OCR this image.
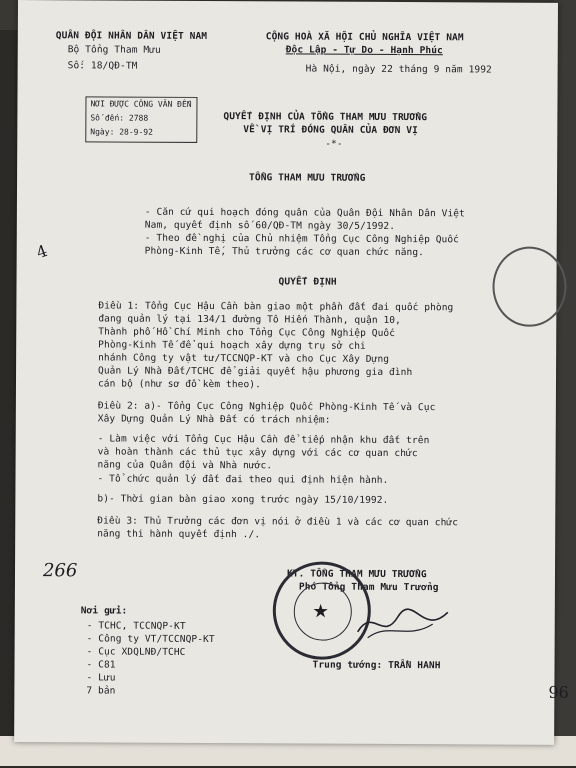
QUÂN ĐỘI NHÂN DÂN VIỆT NAM
Bộ Tổng Tham Mưu
Số: 18/QĐ-TM
CỘNG HOÀ XÃ HỘI CHỦ NGHĨA VIỆT NAM
Độc Lập - Tự Do - Hạnh Phúc
Hà Nội, ngày 22 tháng 9 năm 1992
NƠI ĐƯỢC CÔNG VĂN ĐẾN
Số đến: 2788
Ngày: 28-9-92
QUYẾT ĐỊNH CỦA TỔNG THAM MƯU TRƯỞNG
VỀ VỊ TRÍ ĐÓNG QUÂN CỦA ĐƠN VỊ
-*-
TỔNG THAM MƯU TRƯỞNG
- Căn cứ qui hoạch đóng quân của Quân Đội Nhân Dân Việt
Nam, quyết định số 60/QĐ-TM ngày 30/5/1992.
- Theo đề nghị của Chủ nhiệm Tổng Cục Công Nghiệp Quốc
Phòng-Kinh Tế, Thủ trưởng các cơ quan chức năng.
QUYẾT ĐỊNH
Điều 1: Tổng Cục Hậu Cần bàn giao một phần đất đai quốc phòng
đang quản lý tại 134/1 đường Tô Hiến Thành, quận 10,
Thành phố Hồ Chí Minh cho Tổng Cục Công Nghiệp Quốc
Phòng-Kinh Tế để qui hoạch xây dựng trụ sở chi
nhánh Công ty vật tư/TCCNQP-KT và cho Cục Xây Dựng
Quản Lý Nhà Đất/TCHC để giải quyết hậu phương gia đình
cán bộ (như sơ đồ kèm theo).
Điều 2: a)- Tổng Cục Công Nghiệp Quốc Phòng-Kinh Tế và Cục
Xây Dựng Quản Lý Nhà Đất có trách nhiệm:
- Làm việc với Tổng Cục Hậu Cần để tiếp nhận khu đất trên
và hoàn thành các thủ tục xây dựng với các cơ quan chức
năng của Quân đội và Nhà nước.
- Tổ chức quản lý đất đai theo qui định hiện hành.
b)- Thời gian bàn giao xong trước ngày 15/10/1992.
Điều 3: Thủ Trưởng các đơn vị nói ở điều 1 và các cơ quan chức
năng thi hành quyết định ./.
KT. TỔNG THAM MƯU TRƯỞNG
Phó Tổng Tham Mưu Trưởng
★
Trung tướng: TRẦN HANH
Nơi gửi:
- TCHC, TCCNQP-KT
- Công ty VT/TCCNQP-KT
- Cục XDQLNĐ/TCHC
- C81
- Lưu
7 bản
266
4
96
